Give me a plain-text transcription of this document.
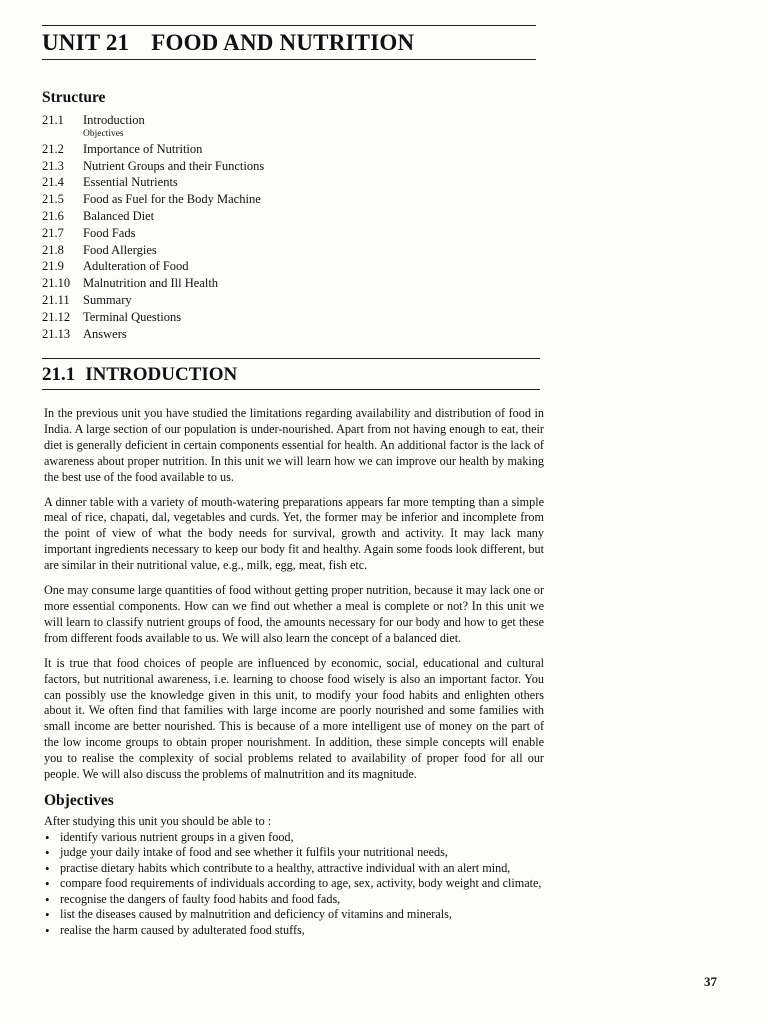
UNIT 21 FOOD AND NUTRITION
Structure
21.1 Introduction
Objectives
21.2 Importance of Nutrition
21.3 Nutrient Groups and their Functions
21.4 Essential Nutrients
21.5 Food as Fuel for the Body Machine
21.6 Balanced Diet
21.7 Food Fads
21.8 Food Allergies
21.9 Adulteration of Food
21.10 Malnutrition and Ill Health
21.11 Summary
21.12 Terminal Questions
21.13 Answers
21.1 INTRODUCTION

In the previous unit you have studied the limitations regarding availability and distribution of food in India. A large section of our population is under-nourished. Apart from not having enough to eat, their diet is generally deficient in certain components essential for health. An additional factor is the lack of awareness about proper nutrition. In this unit we will learn how we can improve our health by making the best use of the food available to us.

A dinner table with a variety of mouth-watering preparations appears far more tempting than a simple meal of rice, chapati, dal, vegetables and curds. Yet, the former may be inferior and incomplete from the point of view of what the body needs for survival, growth and activity. It may lack many important ingredients necessary to keep our body fit and healthy. Again some foods look different, but are similar in their nutritional value, e.g., milk, egg, meat, fish etc.

One may consume large quantities of food without getting proper nutrition, because it may lack one or more essential components. How can we find out whether a meal is complete or not? In this unit we will learn to classify nutrient groups of food, the amounts necessary for our body and how to get these from different foods available to us. We will also learn the concept of a balanced diet.

It is true that food choices of people are influenced by economic, social, educational and cultural factors, but nutritional awareness, i.e. learning to choose food wisely is also an important factor. You can possibly use the knowledge given in this unit, to modify your food habits and enlighten others about it. We often find that families with large income are poorly nourished and some families with small income are better nourished. This is because of a more intelligent use of money on the part of the low income groups to obtain proper nourishment. In addition, these simple concepts will enable you to realise the complexity of social problems related to availability of proper food for all our people. We will also discuss the problems of malnutrition and its magnitude.

Objectives
After studying this unit you should be able to :
• identify various nutrient groups in a given food,
• judge your daily intake of food and see whether it fulfils your nutritional needs,
• practise dietary habits which contribute to a healthy, attractive individual with an alert mind,
• compare food requirements of individuals according to age, sex, activity, body weight and climate,
• recognise the dangers of faulty food habits and food fads,
• list the diseases caused by malnutrition and deficiency of vitamins and minerals,
• realise the harm caused by adulterated food stuffs,
37
